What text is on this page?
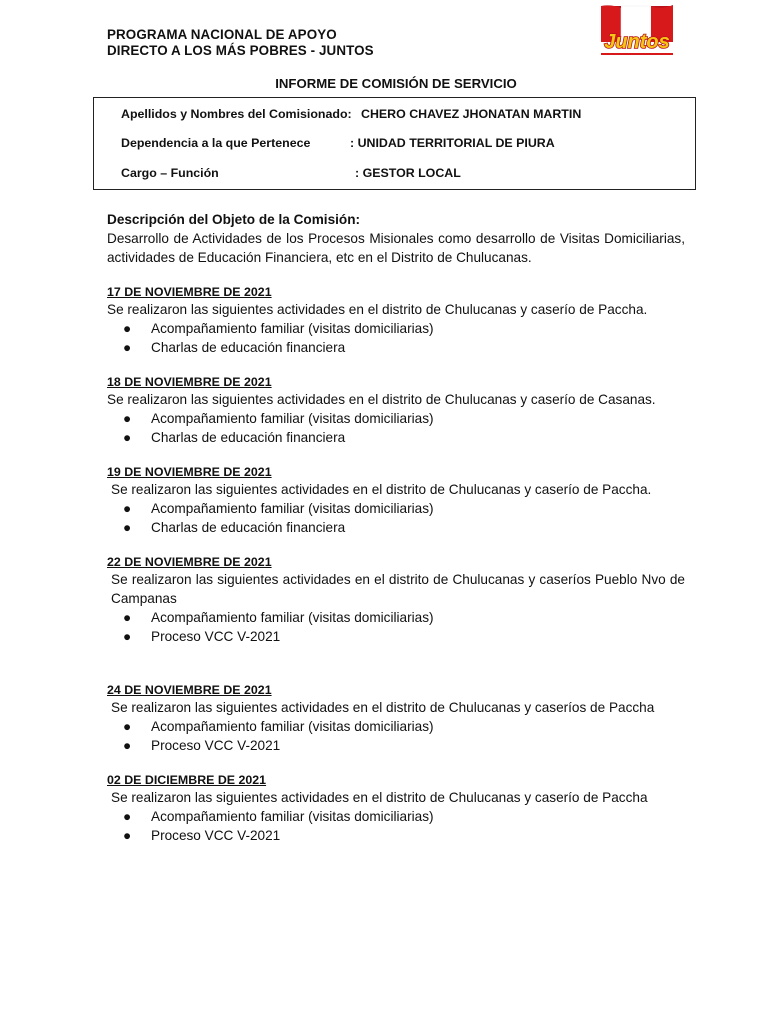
PROGRAMA NACIONAL DE APOYO
DIRECTO A LOS MÁS POBRES - JUNTOS	Juntos
INFORME DE COMISIÓN DE SERVICIO
Apellidos y Nombres del Comisionado: CHERO CHAVEZ JHONATAN MARTIN
Dependencia a la que Pertenece	: UNIDAD TERRITORIAL DE PIURA
Cargo – Función	: GESTOR LOCAL
Descripción del Objeto de la Comisión:
Desarrollo de Actividades de los Procesos Misionales como desarrollo de Visitas Domiciliarias, actividades de Educación Financiera, etc en el Distrito de Chulucanas.
17 DE NOVIEMBRE DE 2021
Se realizaron las siguientes actividades en el distrito de Chulucanas y caserío de Paccha.
● Acompañamiento familiar (visitas domiciliarias)
● Charlas de educación financiera
18 DE NOVIEMBRE DE 2021
Se realizaron las siguientes actividades en el distrito de Chulucanas y caserío de Casanas.
● Acompañamiento familiar (visitas domiciliarias)
● Charlas de educación financiera
19 DE NOVIEMBRE DE 2021
Se realizaron las siguientes actividades en el distrito de Chulucanas y caserío de Paccha.
● Acompañamiento familiar (visitas domiciliarias)
● Charlas de educación financiera
22 DE NOVIEMBRE DE 2021
Se realizaron las siguientes actividades en el distrito de Chulucanas y caseríos Pueblo Nvo de Campanas
● Acompañamiento familiar (visitas domiciliarias)
● Proceso VCC V-2021
24 DE NOVIEMBRE DE 2021
Se realizaron las siguientes actividades en el distrito de Chulucanas y caseríos de Paccha
● Acompañamiento familiar (visitas domiciliarias)
● Proceso VCC V-2021
02 DE DICIEMBRE DE 2021
Se realizaron las siguientes actividades en el distrito de Chulucanas y caserío de Paccha
● Acompañamiento familiar (visitas domiciliarias)
● Proceso VCC V-2021
